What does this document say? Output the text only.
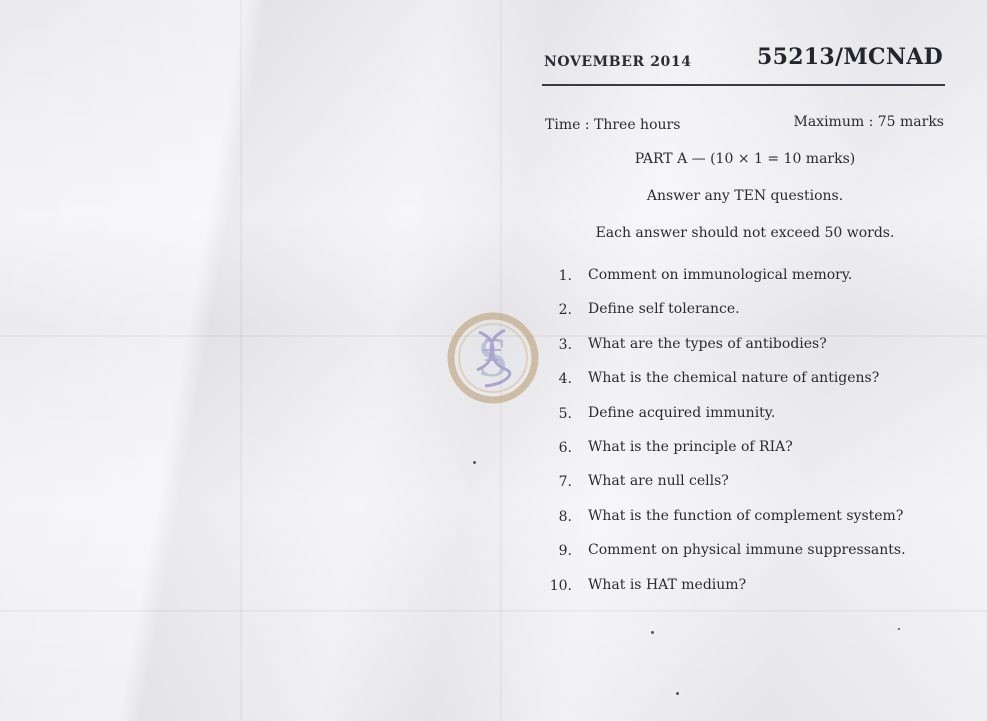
NOVEMBER 2014	55213/MCNAD
Time : Three hours	Maximum : 75 marks
PART A — (10 × 1 = 10 marks)
Answer any TEN questions.
Each answer should not exceed 50 words.
1. Comment on immunological memory.
2. Define self tolerance.
3. What are the types of antibodies?
4. What is the chemical nature of antigens?
5. Define acquired immunity.
6. What is the principle of RIA?
7. What are null cells?
8. What is the function of complement system?
9. Comment on physical immune suppressants.
10. What is HAT medium?
S
